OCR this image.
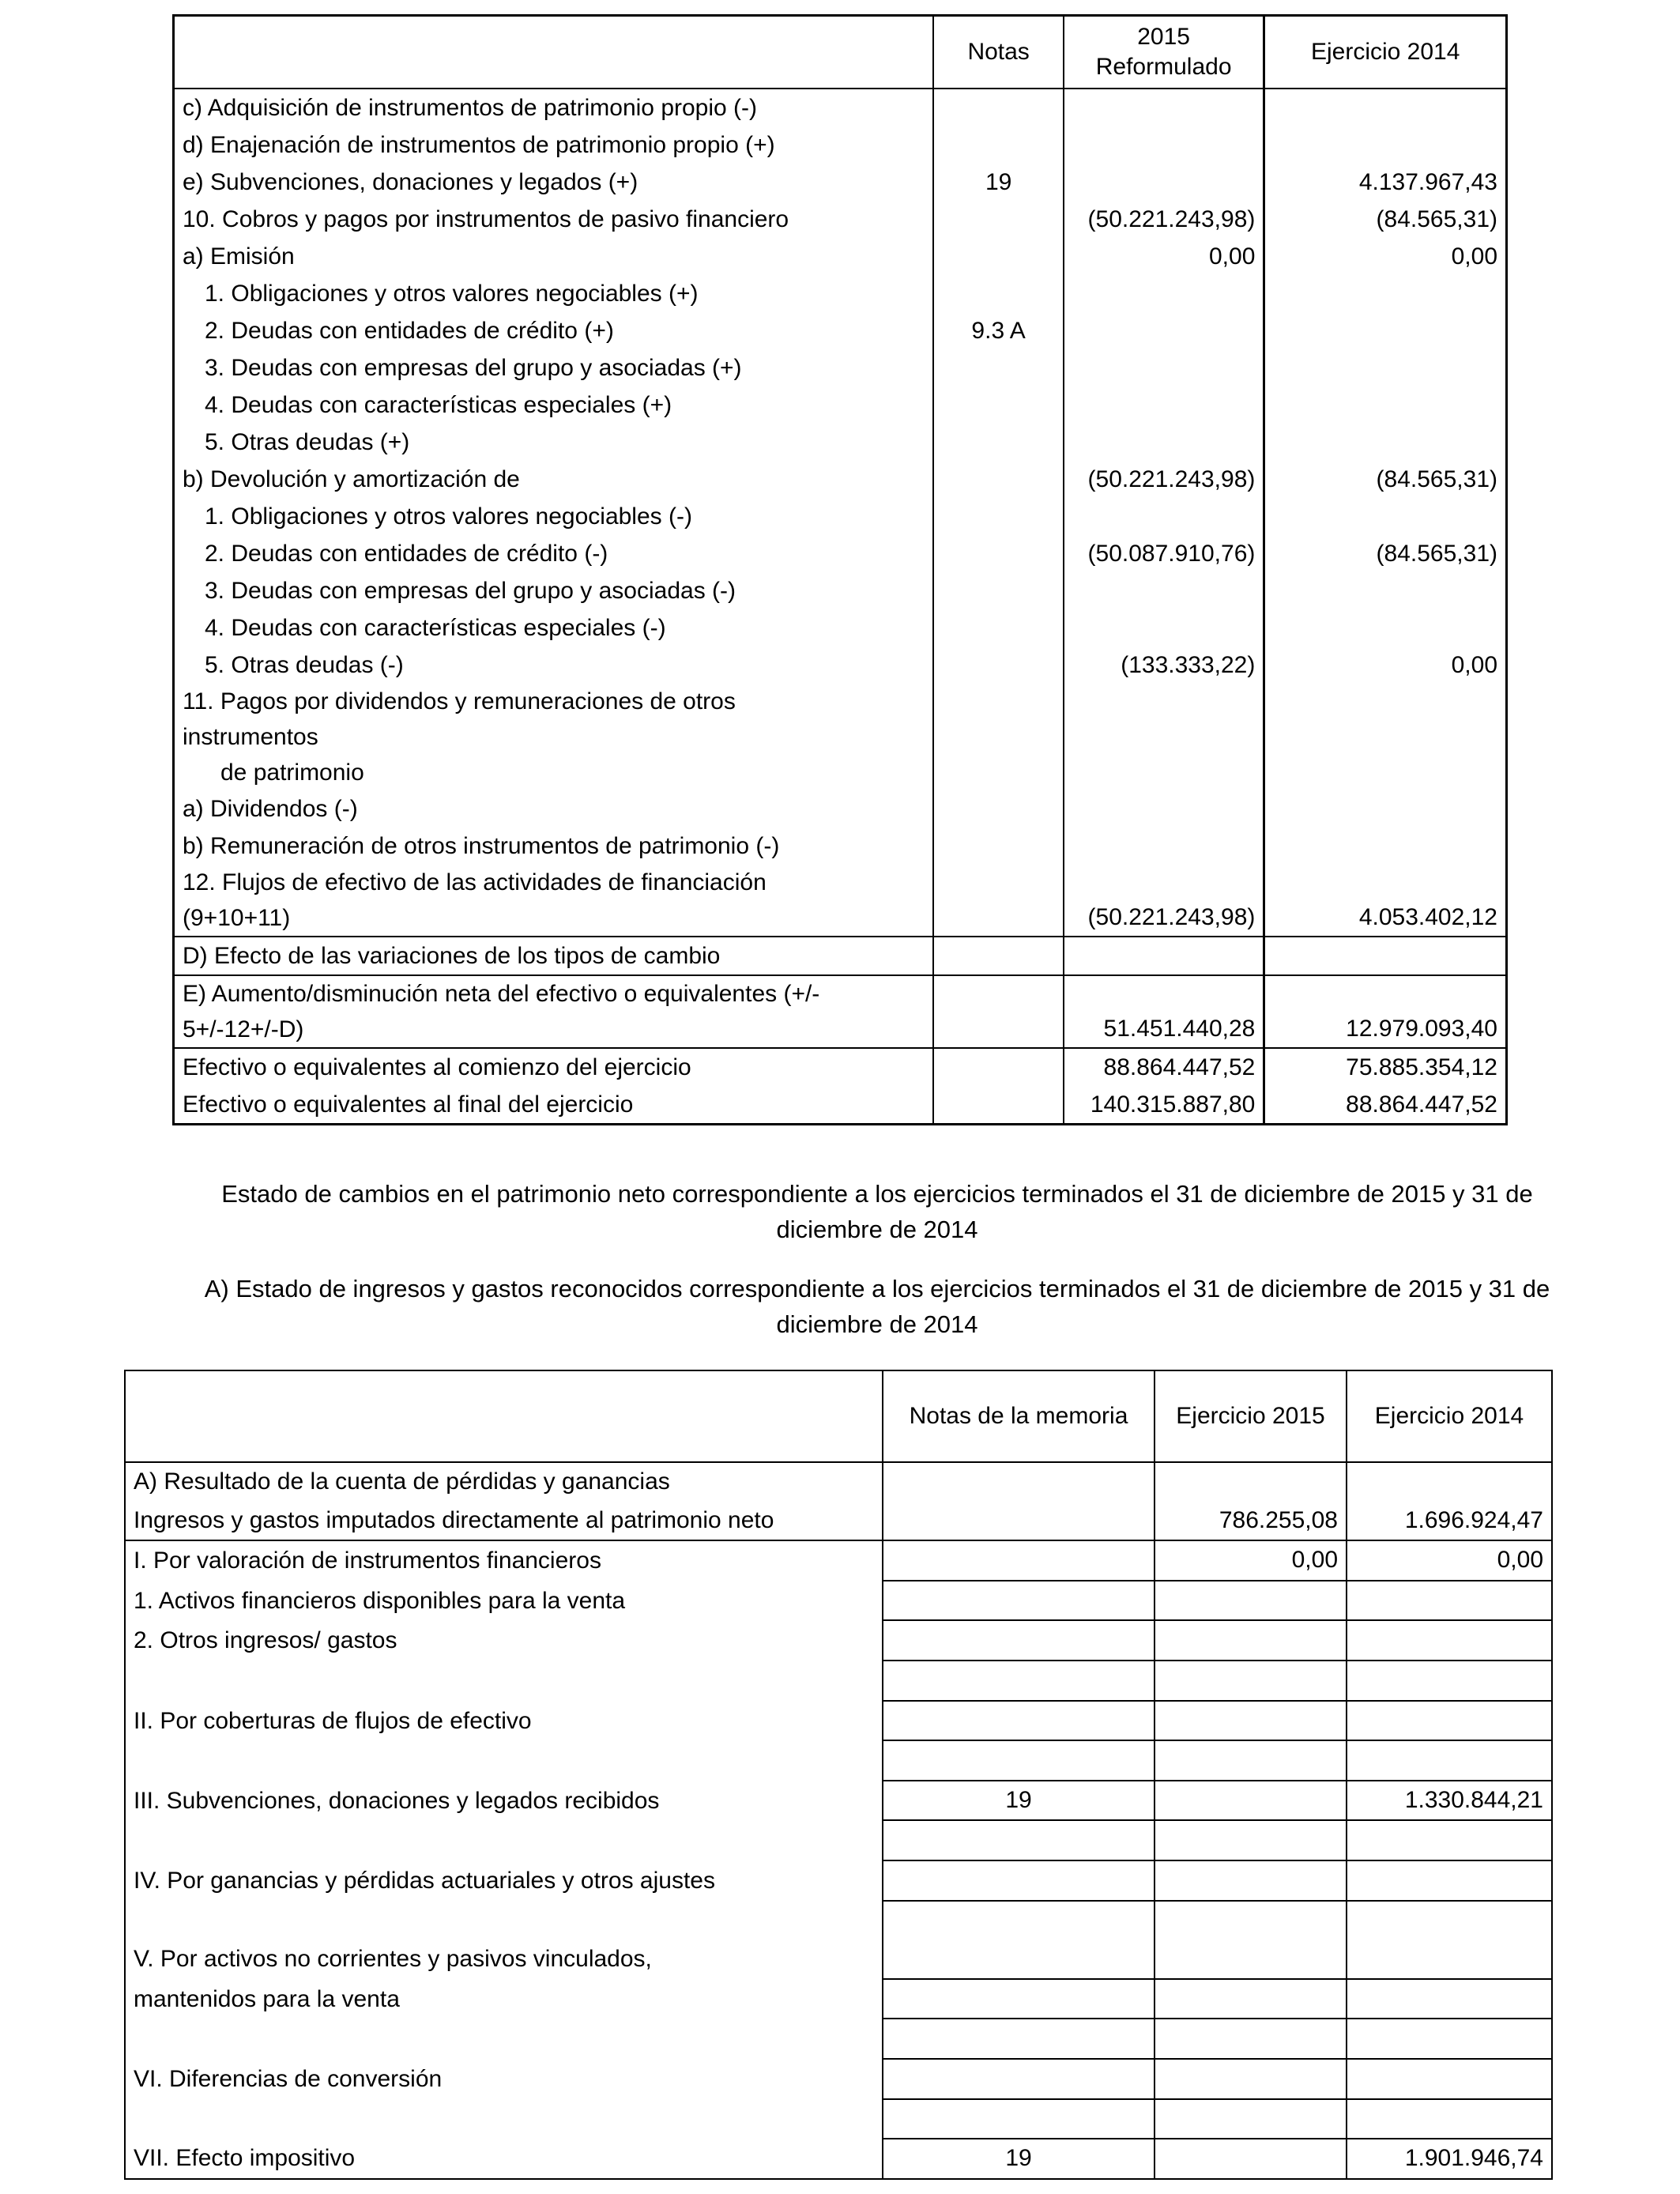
	Notas	2015 Reformulado	Ejercicio 2014
c) Adquisición de instrumentos de patrimonio propio (-)			
d) Enajenación de instrumentos de patrimonio propio (+)			
e) Subvenciones, donaciones y legados (+)	19		4.137.967,43
10. Cobros y pagos por instrumentos de pasivo financiero		(50.221.243,98)	(84.565,31)
a) Emisión		0,00	0,00
1. Obligaciones y otros valores negociables (+)			
2. Deudas con entidades de crédito (+)	9.3 A		
3. Deudas con empresas del grupo y asociadas (+)			
4. Deudas con características especiales (+)			
5. Otras deudas (+)			
b) Devolución y amortización de		(50.221.243,98)	(84.565,31)
1. Obligaciones y otros valores negociables (-)			
2. Deudas con entidades de crédito (-)		(50.087.910,76)	(84.565,31)
3. Deudas con empresas del grupo y asociadas (-)			
4. Deudas con características especiales (-)			
5. Otras deudas (-)		(133.333,22)	0,00

11. Pagos por dividendos y remuneraciones de otros instrumentos
de patrimonio			

a) Dividendos (-)			
b) Remuneración de otros instrumentos de patrimonio (-)			

12. Flujos de efectivo de las actividades de financiación (9+10+11)		(50.221.243,98)	4.053.402,12
D) Efecto de las variaciones de los tipos de cambio			

E) Aumento/disminución neta del efectivo o equivalentes (+/- 5+/-12+/-D)		51.451.440,28	12.979.093,40
Efectivo o equivalentes al comienzo del ejercicio		88.864.447,52	75.885.354,12
Efectivo o equivalentes al final del ejercicio		140.315.887,80	88.864.447,52
Estado de cambios en el patrimonio neto correspondiente a los ejercicios terminados el 31 de diciembre de 2015 y 31 de diciembre de 2014
A) Estado de ingresos y gastos reconocidos correspondiente a los ejercicios terminados el 31 de diciembre de 2015 y 31 de diciembre de 2014
	Notas de la memoria	Ejercicio 2015	Ejercicio 2014
A) Resultado de la cuenta de pérdidas y ganancias			
Ingresos y gastos imputados directamente al patrimonio neto		786.255,08	1.696.924,47
I. Por valoración de instrumentos financieros		0,00	0,00
1. Activos financieros disponibles para la venta			
2. Otros ingresos/ gastos			

II. Por coberturas de flujos de efectivo			

III. Subvenciones, donaciones y legados recibidos	19		1.330.844,21

IV. Por ganancias y pérdidas actuariales y otros ajustes			

V. Por activos no corrientes y pasivos vinculados,			
mantenidos para la venta			

VI. Diferencias de conversión			

VII. Efecto impositivo	19		1.901.946,74
